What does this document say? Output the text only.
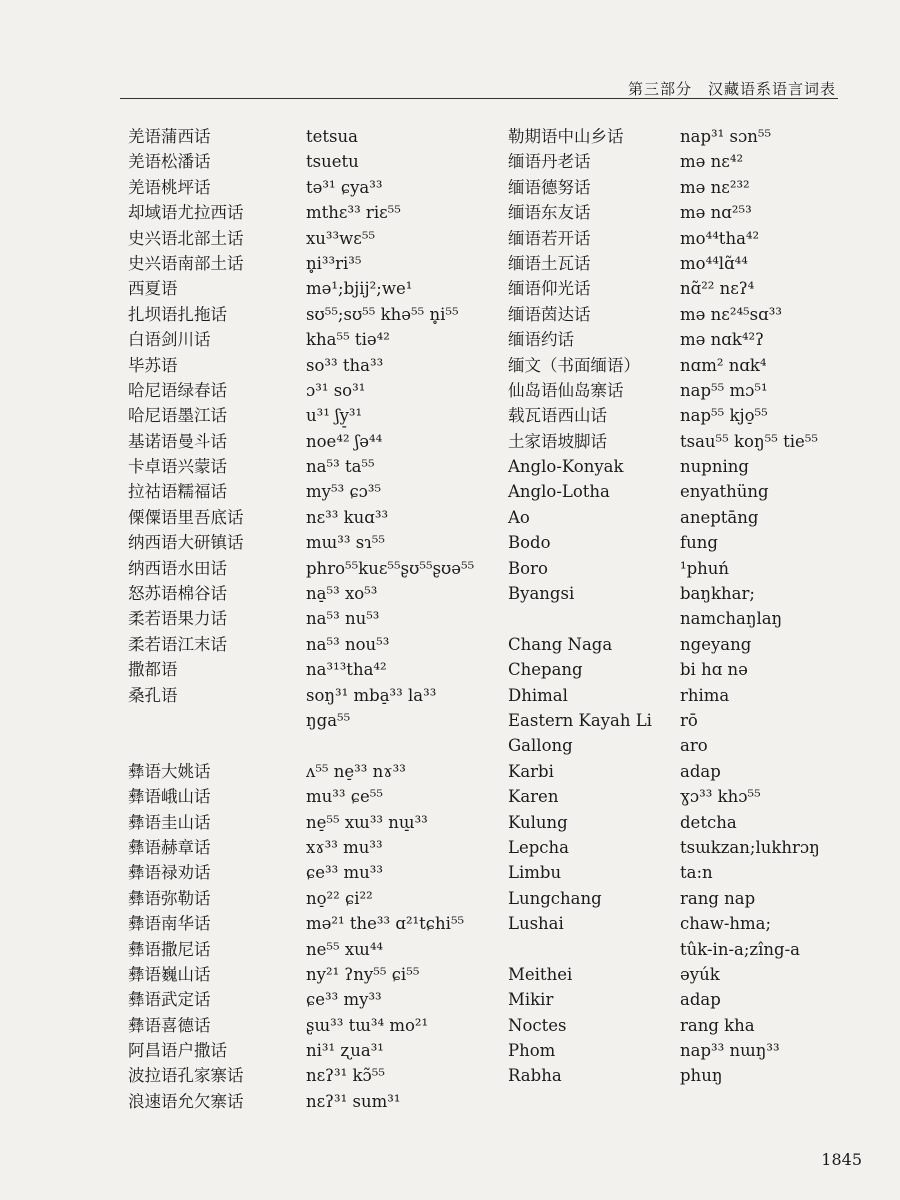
第三部分　汉藏语系语言词表
羌语蒲西话
羌语松潘话
羌语桃坪话
却域语尤拉西话
史兴语北部土话
史兴语南部土话
西夏语
扎坝语扎拖话
白语剑川话
毕苏语
哈尼语绿春话
哈尼语墨江话
基诺语曼斗话
卡卓语兴蒙话
拉祜语糯福话
傈僳语里吾底话
纳西语大研镇话
纳西语水田话
怒苏语棉谷话
柔若语果力话
柔若语江末话
撒都语
桑孔语
彝语大姚话
彝语峨山话
彝语圭山话
彝语赫章话
彝语禄劝话
彝语弥勒话
彝语南华话
彝语撒尼话
彝语巍山话
彝语武定话
彝语喜德话
阿昌语户撒话
波拉语孔家寨话
浪速语允欠寨话
tetsua
tsuetu
tə³¹ ɕya³³
mthɛ³³ riɛ⁵⁵
xu³³wɛ⁵⁵
n̥i³³ri³⁵
mə¹;bjij²;we¹
sʊ⁵⁵;sʊ⁵⁵ khə⁵⁵ n̥i⁵⁵
kha⁵⁵ tiə⁴²
so³³ tha³³
ɔ³¹ so³¹
u³¹ ʃy̠³¹
noe⁴² ʃə⁴⁴
na⁵³ ta⁵⁵
my⁵³ ɕɔ³⁵
nɛ³³ kuɑ³³
mɯ³³ sɿ⁵⁵
phro⁵⁵kuɛ⁵⁵ʂʊ⁵⁵ʂʊə⁵⁵
na̠⁵³ xo⁵³
na⁵³ nu⁵³
na⁵³ nou⁵³
na³¹³tha⁴²
soŋ³¹ mba̠³³ la³³
ŋga⁵⁵
ʌ⁵⁵ ne̠³³ nɤ³³
mu³³ ɕe⁵⁵
ne̠⁵⁵ xɯ³³ nɯ̠³³
xɤ³³ mu³³
ɕe³³ mu³³
no̠²² ɕi²²
mə²¹ the³³ ɑ²¹tɕhi⁵⁵
ne⁵⁵ xɯ⁴⁴
ny²¹ ʔny⁵⁵ ɕi⁵⁵
ɕe³³ my³³
ʂɯ³³ tɯ³⁴ mo²¹
ni³¹ ʐua³¹
nɛʔ³¹ kɔ̃⁵⁵
nɛʔ³¹ sum³¹
勒期语中山乡话
缅语丹老话
缅语德努话
缅语东友话
缅语若开话
缅语土瓦话
缅语仰光话
缅语茵达话
缅语约话
缅文（书面缅语）
仙岛语仙岛寨话
载瓦语西山话
土家语坡脚话
Anglo-Konyak
Anglo-Lotha
Ao
Bodo
Boro
Byangsi
Chang Naga
Chepang
Dhimal
Eastern Kayah Li
Gallong
Karbi
Karen
Kulung
Lepcha
Limbu
Lungchang
Lushai
Meithei
Mikir
Noctes
Phom
Rabha
nap³¹ sɔn⁵⁵
mə nɛ⁴²
mə nɛ²³²
mə nɑ²⁵³
mo⁴⁴tha⁴²
mo⁴⁴lɑ̃⁴⁴
nɑ̃²² nɛʔ⁴
mə nɛ²⁴⁵sɑ³³
mə nɑk⁴²ʔ
nɑm² nɑk⁴
nap⁵⁵ mɔ⁵¹
nap⁵⁵ kjo̠⁵⁵
tsau⁵⁵ koŋ⁵⁵ tie⁵⁵
nupning
enyathüng
aneptāng
fung
¹phuń
baŋkhar;
namchaŋlaŋ
ngeyang
bi hɑ nə
rhima
rō
aro
adap
ɣɔ³³ khɔ⁵⁵
detcha
tsɯkzan;lukhrɔŋ
ta:n
rang nap
chaw-hma;
tûk-in-a;zîng-a
əyúk
adap
rang kha
nap³³ nɯŋ³³
phuŋ
1845
